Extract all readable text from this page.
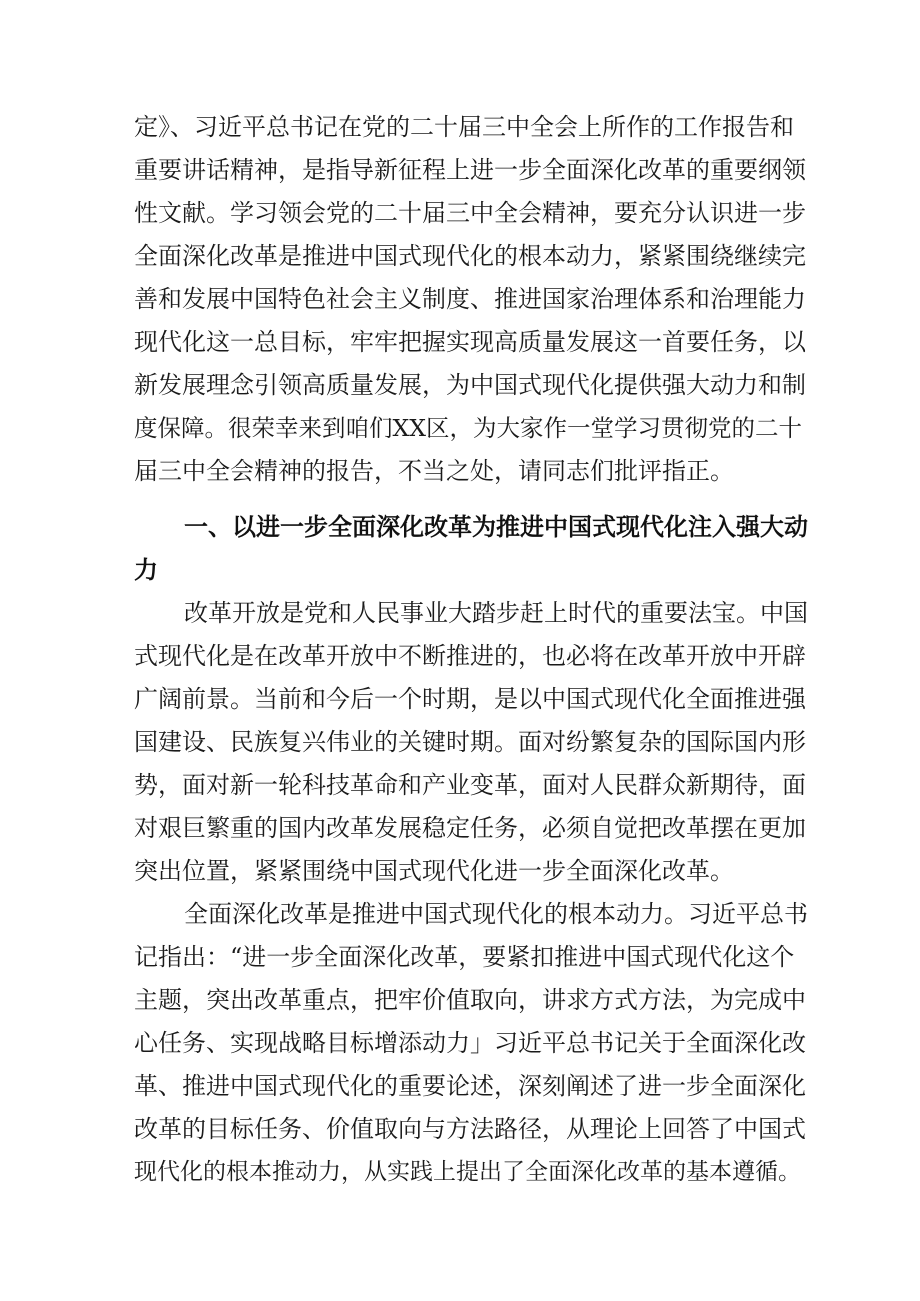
定》、习近平总书记在党的二十届三中全会上所作的工作报告和
重要讲话精神，是指导新征程上进一步全面深化改革的重要纲领
性文献。学习领会党的二十届三中全会精神，要充分认识进一步
全面深化改革是推进中国式现代化的根本动力，紧紧围绕继续完
善和发展中国特色社会主义制度、推进国家治理体系和治理能力
现代化这一总目标，牢牢把握实现高质量发展这一首要任务，以
新发展理念引领高质量发展，为中国式现代化提供强大动力和制
度保障。很荣幸来到咱们XX区，为大家作一堂学习贯彻党的二十
届三中全会精神的报告，不当之处，请同志们批评指正。
一、以进一步全面深化改革为推进中国式现代化注入强大动
力
改革开放是党和人民事业大踏步赶上时代的重要法宝。中国
式现代化是在改革开放中不断推进的，也必将在改革开放中开辟
广阔前景。当前和今后一个时期，是以中国式现代化全面推进强
国建设、民族复兴伟业的关键时期。面对纷繁复杂的国际国内形
势，面对新一轮科技革命和产业变革，面对人民群众新期待，面
对艰巨繁重的国内改革发展稳定任务，必须自觉把改革摆在更加
突出位置，紧紧围绕中国式现代化进一步全面深化改革。
全面深化改革是推进中国式现代化的根本动力。习近平总书
记指出：“进一步全面深化改革，要紧扣推进中国式现代化这个
主题，突出改革重点，把牢价值取向，讲求方式方法，为完成中
心任务、实现战略目标增添动力」习近平总书记关于全面深化改
革、推进中国式现代化的重要论述，深刻阐述了进一步全面深化
改革的目标任务、价值取向与方法路径，从理论上回答了中国式
现代化的根本推动力，从实践上提出了全面深化改革的基本遵循。
